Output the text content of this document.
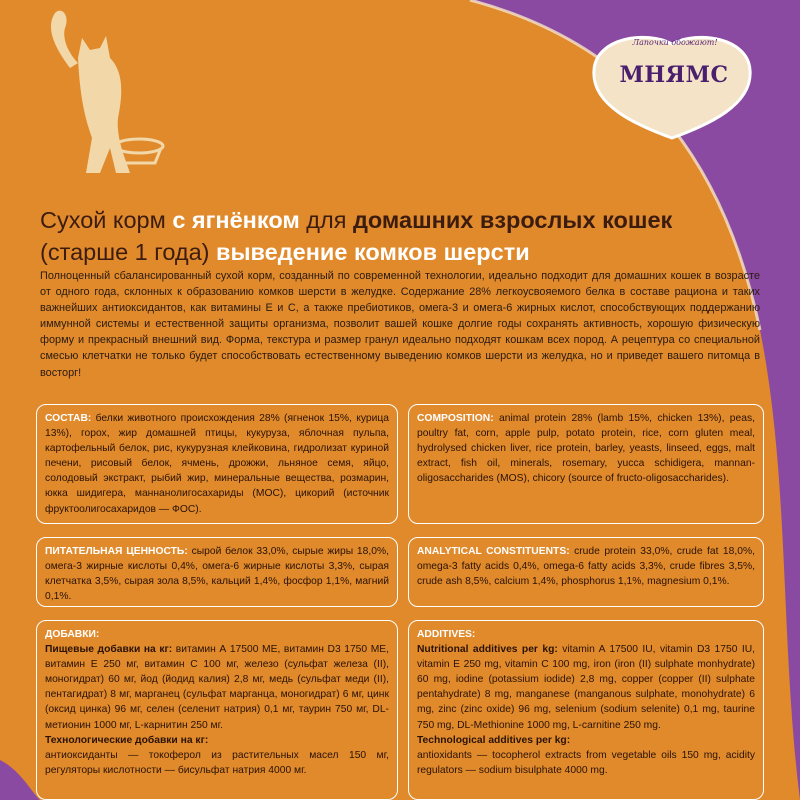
Лапочки обожают!
МНЯМС
Сухой корм с ягнёнком для домашних взрослых кошек (старше 1 года) выведение комков шерсти
Полноценный сбалансированный сухой корм, созданный по современной технологии, идеально подходит для домашних кошек в возрасте от одного года, склонных к образованию комков шерсти в желудке. Содержание 28% легкоусвояемого белка в составе рациона и таких важнейших антиоксидантов, как витамины Е и С, а также пребиотиков, омега-3 и омега-6 жирных кислот, способствующих поддержанию иммунной системы и естественной защиты организма, позволит вашей кошке долгие годы сохранять активность, хорошую физическую форму и прекрасный внешний вид. Форма, текстура и размер гранул идеально подходят кошкам всех пород. А рецептура со специальной смесью клетчатки не только будет способствовать естественному выведению комков шерсти из желудка, но и приведет вашего питомца в восторг!
СОСТАВ: белки животного происхождения 28% (ягненок 15%, курица 13%), горох, жир домашней птицы, кукуруза, яблочная пульпа, картофельный белок, рис, кукурузная клейковина, гидролизат куриной печени, рисовый белок, ячмень, дрожжи, льняное семя, яйцо, солодовый экстракт, рыбий жир, минеральные вещества, розмарин, юкка шидигера, маннанолигосахариды (МОС), цикорий (источник фруктоолигосахаридов — ФОС).
COMPOSITION: animal protein 28% (lamb 15%, chicken 13%), peas, poultry fat, corn, apple pulp, potato protein, rice, corn gluten meal, hydrolysed chicken liver, rice protein, barley, yeasts, linseed, eggs, malt extract, fish oil, minerals, rosemary, yucca schidigera, mannan-oligosaccharides (MOS), chicory (source of fructo-oligosaccharides).
ПИТАТЕЛЬНАЯ ЦЕННОСТЬ: сырой белок 33,0%, сырые жиры 18,0%, омега-3 жирные кислоты 0,4%, омега-6 жирные кислоты 3,3%, сырая клетчатка 3,5%, сырая зола 8,5%, кальций 1,4%, фосфор 1,1%, магний 0,1%.
ANALYTICAL CONSTITUENTS: crude protein 33,0%, crude fat 18,0%, omega-3 fatty acids 0,4%, omega-6 fatty acids 3,3%, crude fibres 3,5%, crude ash 8,5%, calcium 1,4%, phosphorus 1,1%, magnesium 0,1%.
ДОБАВКИ:
Пищевые добавки на кг: витамин А 17500 МЕ, витамин D3 1750 МЕ, витамин Е 250 мг, витамин С 100 мг, железо (сульфат железа (II), моногидрат) 60 мг, йод (йодид калия) 2,8 мг, медь (сульфат меди (II), пентагидрат) 8 мг, марганец (сульфат марганца, моногидрат) 6 мг, цинк (оксид цинка) 96 мг, селен (селенит натрия) 0,1 мг, таурин 750 мг, DL-метионин 1000 мг, L-карнитин 250 мг.
Технологические добавки на кг:
антиоксиданты — токоферол из растительных масел 150 мг, регуляторы кислотности — бисульфат натрия 4000 мг.
ADDITIVES:
Nutritional additives per kg: vitamin A 17500 IU, vitamin D3 1750 IU, vitamin E 250 mg, vitamin C 100 mg, iron (iron (II) sulphate monhydrate) 60 mg, iodine (potassium iodide) 2,8 mg, copper (copper (II) sulphate pentahydrate) 8 mg, manganese (manganous sulphate, monohydrate) 6 mg, zinc (zinc oxide) 96 mg, selenium (sodium selenite) 0,1 mg, taurine 750 mg, DL-Methionine 1000 mg, L-carnitine 250 mg.
Technological additives per kg:
antioxidants — tocopherol extracts from vegetable oils 150 mg, acidity regulators — sodium bisulphate 4000 mg.
